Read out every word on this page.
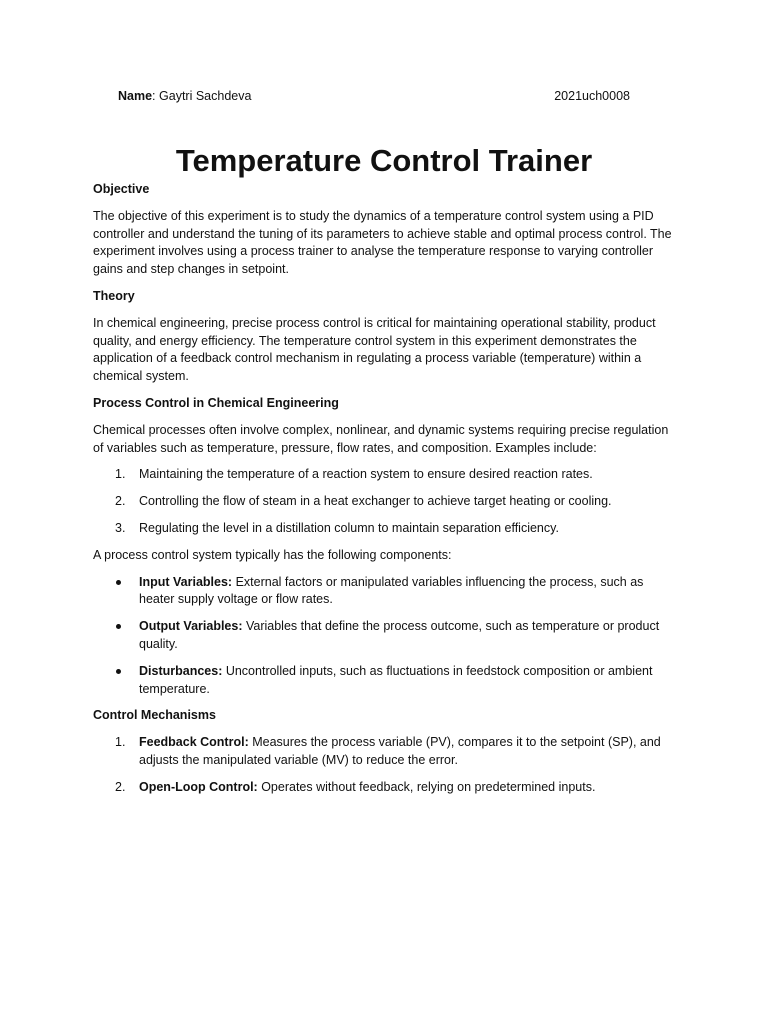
Name: Gaytri Sachdeva	2021uch0008
Temperature Control Trainer
Objective

The objective of this experiment is to study the dynamics of a temperature control system using a PID controller and understand the tuning of its parameters to achieve stable and optimal process control. The experiment involves using a process trainer to analyse the temperature response to varying controller gains and step changes in setpoint.

Theory

In chemical engineering, precise process control is critical for maintaining operational stability, product quality, and energy efficiency. The temperature control system in this experiment demonstrates the application of a feedback control mechanism in regulating a process variable (temperature) within a chemical system.

Process Control in Chemical Engineering

Chemical processes often involve complex, nonlinear, and dynamic systems requiring precise regulation of variables such as temperature, pressure, flow rates, and composition. Examples include:

1. Maintaining the temperature of a reaction system to ensure desired reaction rates.
2. Controlling the flow of steam in a heat exchanger to achieve target heating or cooling.
3. Regulating the level in a distillation column to maintain separation efficiency.

A process control system typically has the following components:

Input Variables: External factors or manipulated variables influencing the process, such as heater supply voltage or flow rates.
Output Variables: Variables that define the process outcome, such as temperature or product quality.
Disturbances: Uncontrolled inputs, such as fluctuations in feedstock composition or ambient temperature.
Control Mechanisms
1. Feedback Control: Measures the process variable (PV), compares it to the setpoint (SP), and adjusts the manipulated variable (MV) to reduce the error.
2. Open-Loop Control: Operates without feedback, relying on predetermined inputs.
